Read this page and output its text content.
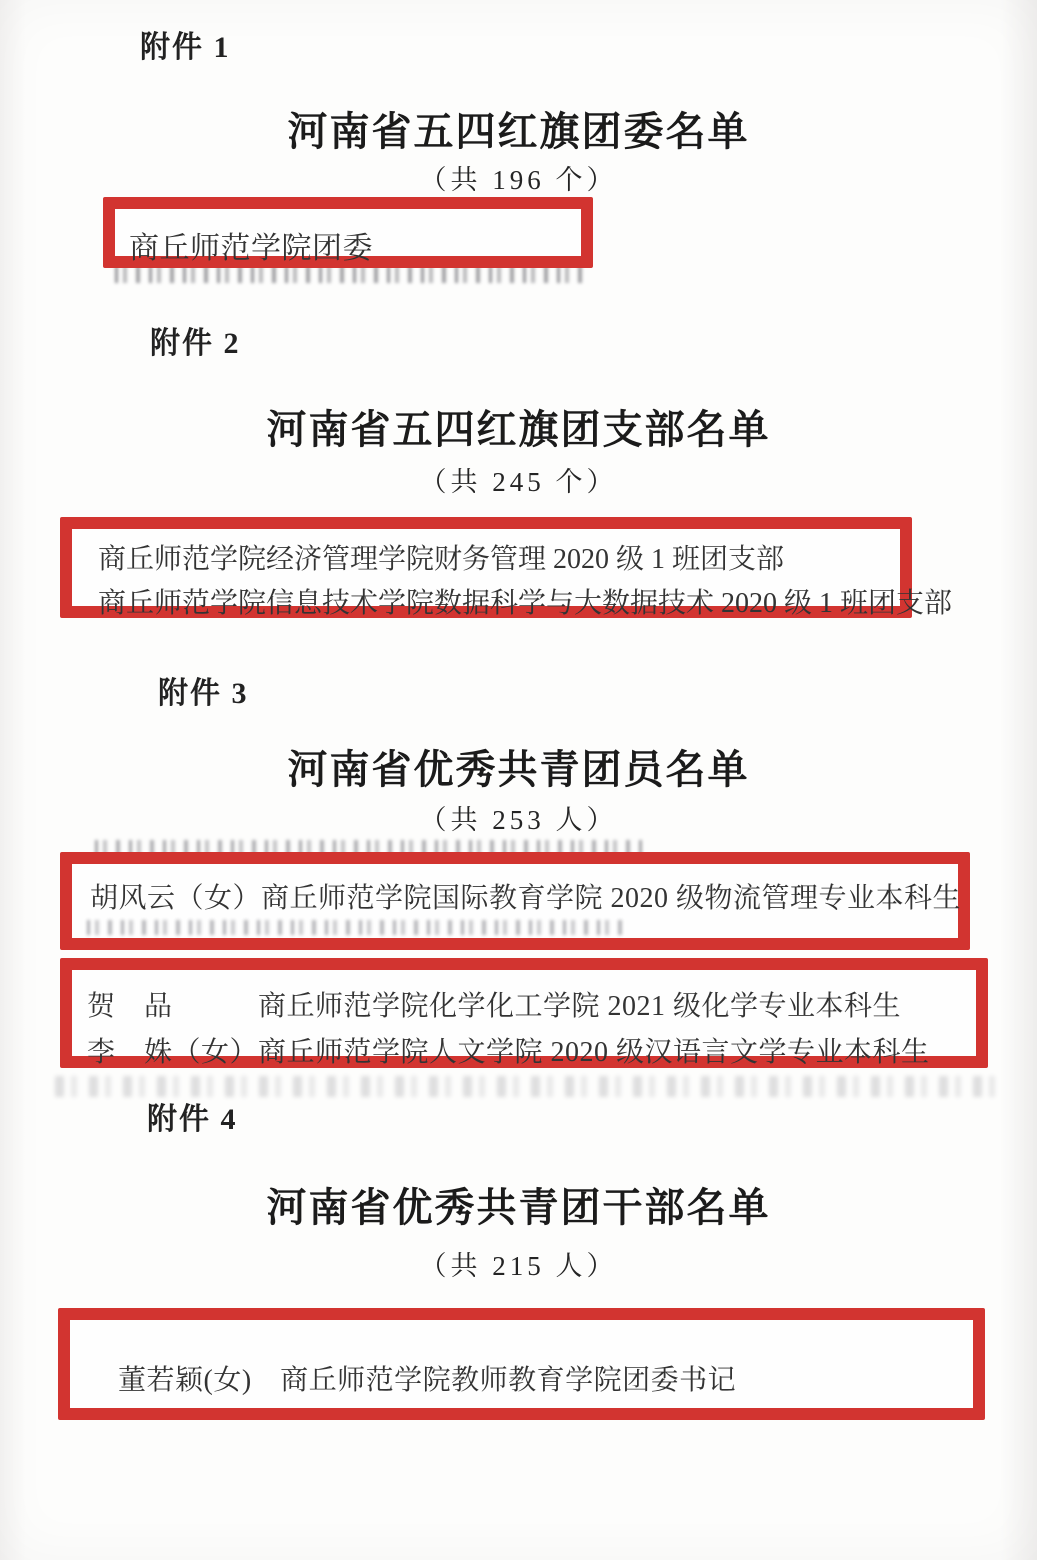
附件 1
河南省五四红旗团委名单
（共 196 个）
商丘师范学院团委
附件 2
河南省五四红旗团支部名单
（共 245 个）
商丘师范学院经济管理学院财务管理 2020 级 1 班团支部
商丘师范学院信息技术学院数据科学与大数据技术 2020 级 1 班团支部
附件 3
河南省优秀共青团员名单
（共 253 人）
胡风云（女）商丘师范学院国际教育学院 2020 级物流管理专业本科生
贺　品　　　商丘师范学院化学化工学院 2021 级化学专业本科生
李　姝（女）商丘师范学院人文学院 2020 级汉语言文学专业本科生
附件 4
河南省优秀共青团干部名单
（共 215 人）
董若颖(女)　商丘师范学院教师教育学院团委书记
